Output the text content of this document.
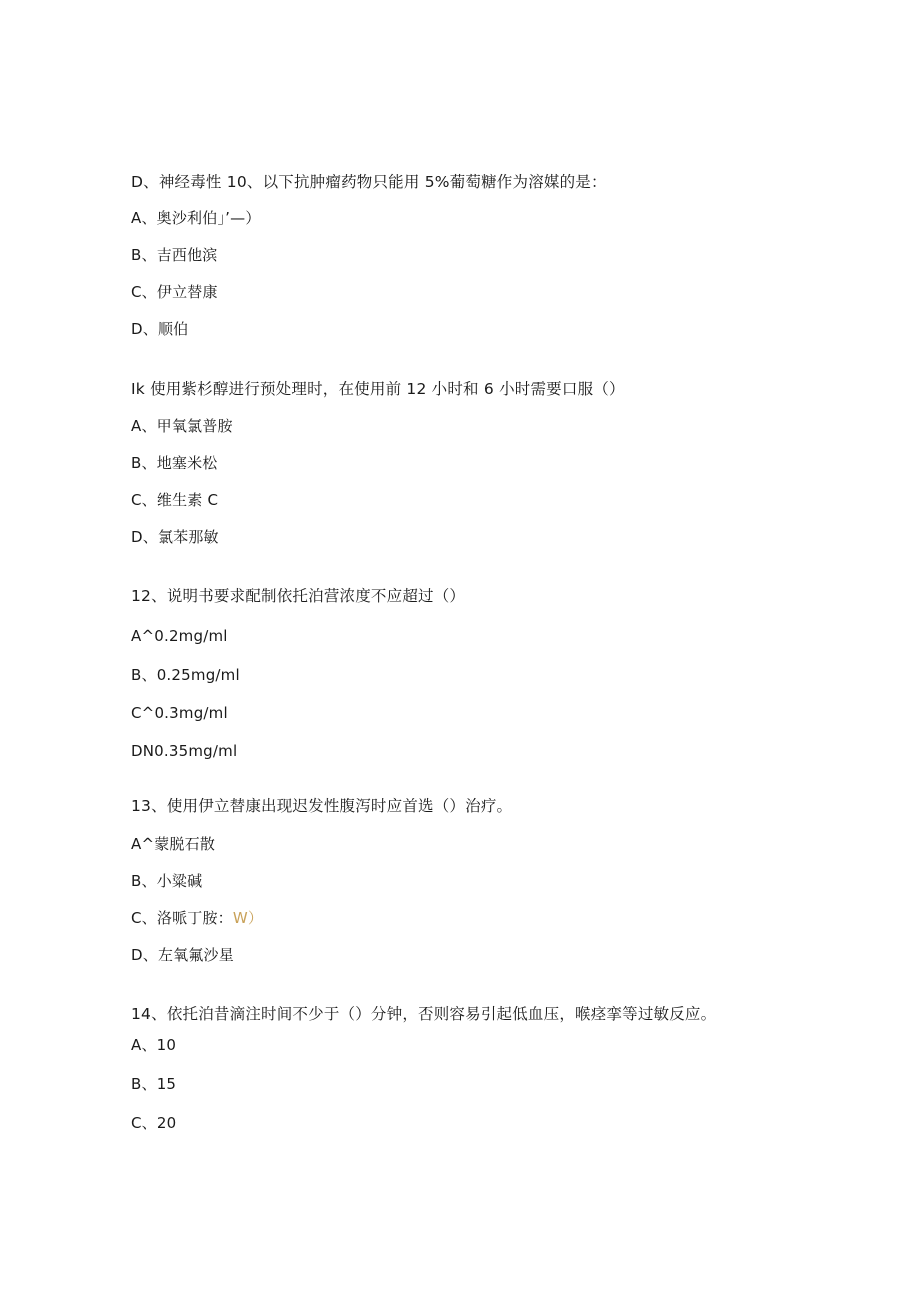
D、神经毒性 10、以下抗肿瘤药物只能用 5%葡萄糖作为溶媒的是：
A、奥沙利伯」’—）
B、吉西他滨
C、伊立替康
D、顺伯
Ik 使用紫杉醇进行预处理时，在使用前 12 小时和 6 小时需要口服（）
A、甲氧氯普胺
B、地塞米松
C、维生素 C
D、氯苯那敏
12、说明书要求配制依托泊营浓度不应超过（）
A^0.2mg∕ml
B、0.25mg∕ml
C^0.3mg∕ml
DN0.35mg∕ml
13、使用伊立替康出现迟发性腹泻时应首选（）治疗。
A^蒙脱石散
B、小粱碱
C、洛哌丁胺：W）
D、左氧氟沙星
14、依托泊昔滴注时间不少于（）分钟，否则容易引起低血压，喉痉挛等过敏反应。
A、10
B、15
C、20
